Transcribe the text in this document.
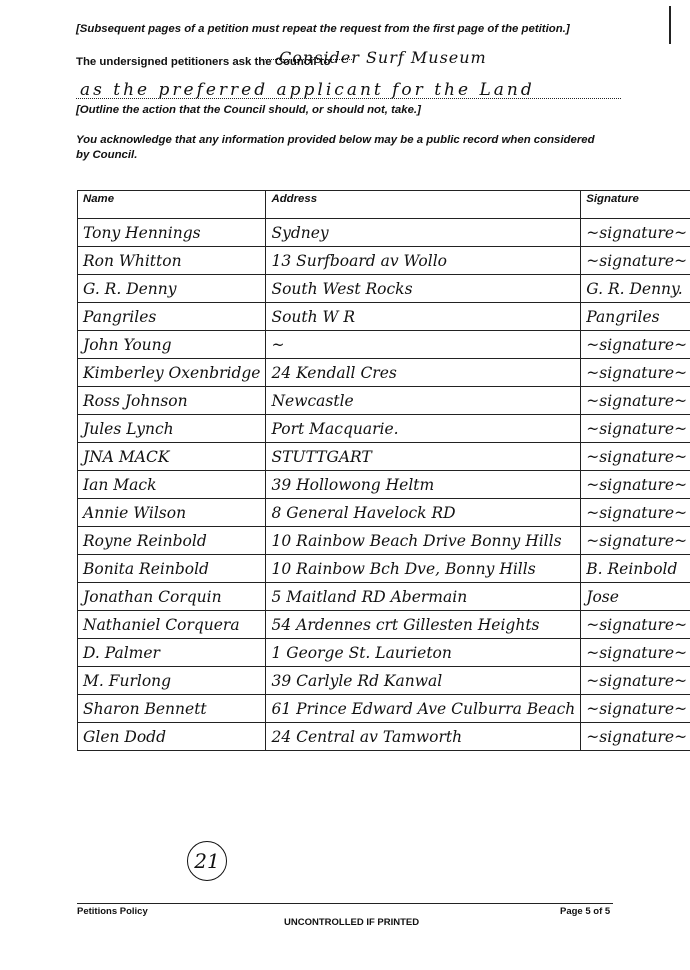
[Subsequent pages of a petition must repeat the request from the first page of the petition.]
The undersigned petitioners ask the Council to
Consider Surf Museum
as the preferred applicant for the Land
[Outline the action that the Council should, or should not, take.]
You acknowledge that any information provided below may be a public record when considered by Council.
Name	Address	Signature
Tony Hennings	Sydney	~signature~
Ron Whitton	13 Surfboard av Wollo	~signature~
G. R. Denny	South West Rocks	G. R. Denny.
Pangriles	South W R	Pangriles
John Young	~	~signature~
Kimberley Oxenbridge	24 Kendall Cres	~signature~
Ross Johnson	Newcastle	~signature~
Jules Lynch	Port Macquarie.	~signature~
JNA MACK	STUTTGART	~signature~
Ian Mack	39 Hollowong Heltm	~signature~
Annie Wilson	8 General Havelock RD	~signature~
Royne Reinbold	10 Rainbow Beach Drive Bonny Hills	~signature~
Bonita Reinbold	10 Rainbow Bch Dve, Bonny Hills	B. Reinbold
Jonathan Corquin	5 Maitland RD Abermain	Jose
Nathaniel Corquera	54 Ardennes crt Gillesten Heights	~signature~
D. Palmer	1 George St. Laurieton	~signature~
M. Furlong	39 Carlyle Rd Kanwal	~signature~
Sharon Bennett	61 Prince Edward Ave Culburra Beach	~signature~
Glen Dodd	24 Central av Tamworth	~signature~
21
Petitions Policy	Page 5 of 5
UNCONTROLLED IF PRINTED
